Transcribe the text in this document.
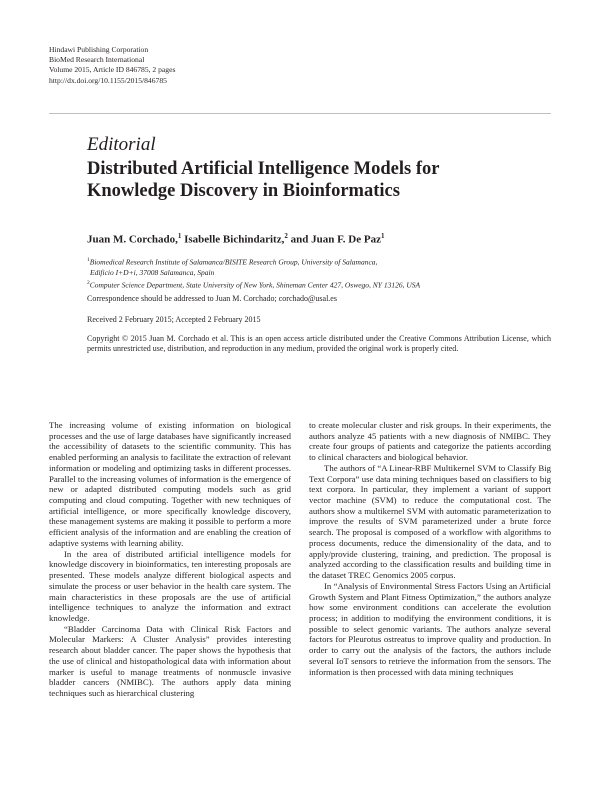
Hindawi Publishing Corporation
BioMed Research International
Volume 2015, Article ID 846785, 2 pages
http://dx.doi.org/10.1155/2015/846785
Editorial
Distributed Artificial Intelligence Models for Knowledge Discovery in Bioinformatics
Juan M. Corchado,$^1$ Isabelle Bichindaritz,$^2$ and Juan F. De Paz$^1$
$^1$Biomedical Research Institute of Salamanca/BISITE Research Group, University of Salamanca,
Edificio I+D+i, 37008 Salamanca, Spain
$^2$Computer Science Department, State University of New York, Shineman Center 427, Oswego, NY 13126, USA
Correspondence should be addressed to Juan M. Corchado; corchado@usal.es
Received 2 February 2015; Accepted 2 February 2015
Copyright © 2015 Juan M. Corchado et al. This is an open access article distributed under the Creative Commons Attribution License, which permits unrestricted use, distribution, and reproduction in any medium, provided the original work is properly cited.

The increasing volume of existing information on biological processes and the use of large databases have significantly increased the accessibility of datasets to the scientific community. This has enabled performing an analysis to facilitate the extraction of relevant information or modeling and optimizing tasks in different processes. Parallel to the increasing volumes of information is the emergence of new or adapted distributed computing models such as grid computing and cloud computing. Together with new techniques of artificial intelligence, or more specifically knowledge discovery, these management systems are making it possible to perform a more efficient analysis of the information and are enabling the creation of adaptive systems with learning ability.

In the area of distributed artificial intelligence models for knowledge discovery in bioinformatics, ten interesting proposals are presented. These models analyze different biological aspects and simulate the process or user behavior in the health care system. The main characteristics in these proposals are the use of artificial intelligence techniques to analyze the information and extract knowledge.

“Bladder Carcinoma Data with Clinical Risk Factors and Molecular Markers: A Cluster Analysis” provides interesting research about bladder cancer. The paper shows the hypothesis that the use of clinical and histopathological data with information about marker is useful to manage treatments of nonmuscle invasive bladder cancers (NMIBC). The authors apply data mining techniques such as hierarchical clustering

to create molecular cluster and risk groups. In their experiments, the authors analyze 45 patients with a new diagnosis of NMIBC. They create four groups of patients and categorize the patients according to clinical characters and biological behavior.

The authors of “A Linear-RBF Multikernel SVM to Classify Big Text Corpora” use data mining techniques based on classifiers to big text corpora. In particular, they implement a variant of support vector machine (SVM) to reduce the computational cost. The authors show a multikernel SVM with automatic parameterization to improve the results of SVM parameterized under a brute force search. The proposal is composed of a workflow with algorithms to process documents, reduce the dimensionality of the data, and to apply/provide clustering, training, and prediction. The proposal is analyzed according to the classification results and building time in the dataset TREC Genomics 2005 corpus.

In “Analysis of Environmental Stress Factors Using an Artificial Growth System and Plant Fitness Optimization,” the authors analyze how some environment conditions can accelerate the evolution process; in addition to modifying the environment conditions, it is possible to select genomic variants. The authors analyze several factors for Pleurotus ostreatus to improve quality and production. In order to carry out the analysis of the factors, the authors include several IoT sensors to retrieve the information from the sensors. The information is then processed with data mining techniques
